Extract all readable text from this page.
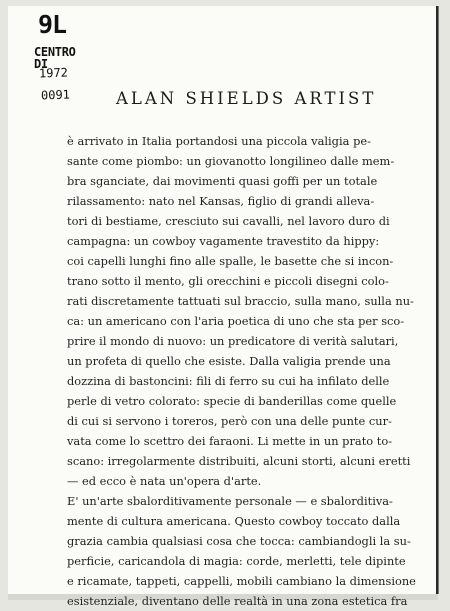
9L
CENTRO DI
1972
0091	ALAN SHIELDS ARTIST
è arrivato in Italia portandosi una piccola valigia pe-
sante come piombo: un giovanotto longilineo dalle mem-
bra sganciate, dai movimenti quasi goffi per un totale
rilassamento: nato nel Kansas, figlio di grandi alleva-
tori di bestiame, cresciuto sui cavalli, nel lavoro duro di
campagna: un cowboy vagamente travestito da hippy:
coi capelli lunghi fino alle spalle, le basette che si incon-
trano sotto il mento, gli orecchini e piccoli disegni colo-
rati discretamente tattuati sul braccio, sulla mano, sulla nu-
ca: un americano con l'aria poetica di uno che sta per sco-
prire il mondo di nuovo: un predicatore di verità salutari,
un profeta di quello che esiste. Dalla valigia prende una
dozzina di bastoncini: fili di ferro su cui ha infilato delle
perle di vetro colorato: specie di banderillas come quelle
di cui si servono i toreros, però con una delle punte cur-
vata come lo scettro dei faraoni. Li mette in un prato to-
scano: irregolarmente distribuiti, alcuni storti, alcuni eretti
— ed ecco è nata un'opera d'arte.
E' un'arte sbalorditivamente personale — e sbalorditiva-
mente di cultura americana. Questo cowboy toccato dalla
grazia cambia qualsiasi cosa che tocca: cambiandogli la su-
perficie, caricandola di magia: corde, merletti, tele dipinte
e ricamate, tappeti, cappelli, mobili cambiano la dimensione
esistenziale, diventano delle realtà in una zona estetica fra
